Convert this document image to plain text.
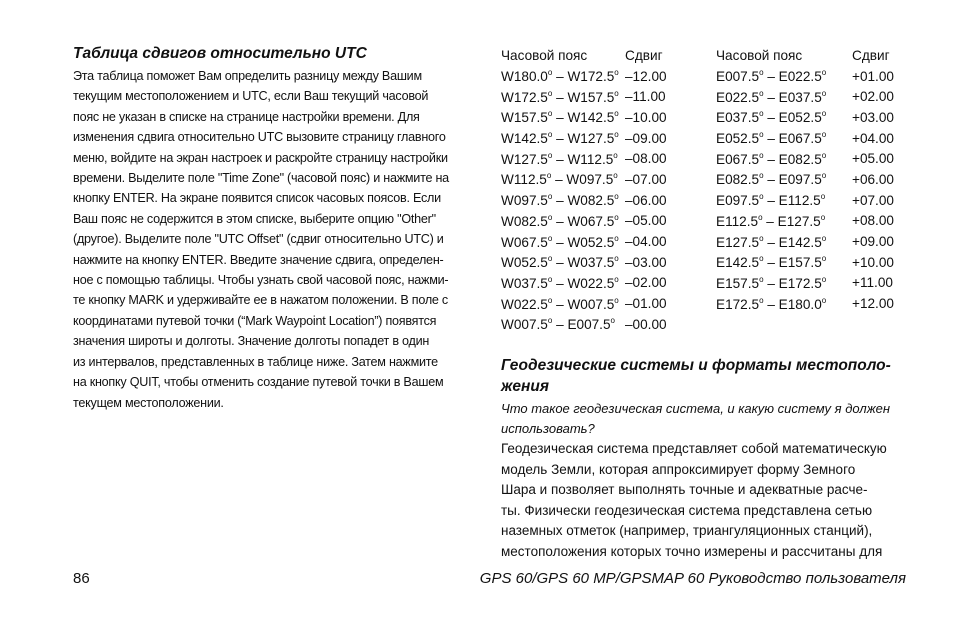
Таблица сдвигов относительно UTC
Эта таблица поможет Вам определить разницу между Вашим
текущим местоположением и UTC, если Ваш текущий часовой
пояс не указан в списке на странице настройки времени. Для
изменения сдвига относительно UTC вызовите страницу главного
меню, войдите на экран настроек и раскройте страницу настройки
времени. Выделите поле "Time Zone" (часовой пояс) и нажмите на
кнопку ENTER. На экране появится список часовых поясов. Если
Ваш пояс не содержится в этом списке, выберите опцию "Other"
(другое). Выделите поле "UTC Offset" (сдвиг относительно UTC) и
нажмите на кнопку ENTER. Введите значение сдвига, определен-
ное с помощью таблицы. Чтобы узнать свой часовой пояс, нажми-
те кнопку MARK и удерживайте ее в нажатом положении. В поле с
координатами путевой точки (“Mark Waypoint Location”) появятся
значения широты и долготы. Значение долготы попадет в один
из интервалов, представленных в таблице ниже. Затем нажмите
на кнопку QUIT, чтобы отменить создание путевой точки в Вашем
текущем местоположении.
Часовой пояс	Сдвиг	Часовой пояс	Сдвиг
W180.0$^o$ – W172.5$^o$	–12.00	$E007.5^o - E022.5^o$	+01.00
W172.5$^o$ – W157.5$^o$	–11.00	$E022.5^o - E037.5^o$	+02.00
W157.5$^o$ – W142.5$^o$	–10.00	$E037.5^o - E052.5^o$	+03.00
W142.5$^o$ – W127.5$^o$	–09.00	$E052.5^o - E067.5^o$	+04.00
W127.5$^o$ – W112.5$^o$	–08.00	$E067.5^o - E082.5^o$	+05.00
W112.5$^o$ – W097.5$^o$	–07.00	$E082.5^o - E097.5^o$	+06.00
W097.5$^o$ – W082.5$^o$	–06.00	$E097.5^o - E112.5^o$	+07.00
W082.5$^o$ – W067.5$^o$	–05.00	$E112.5^o - E127.5^o$	+08.00
W067.5$^o$ – W052.5$^o$	–04.00	$E127.5^o - E142.5^o$	+09.00
W052.5$^o$ – W037.5$^o$	–03.00	$E142.5^o - E157.5^o$	+10.00
W037.5$^o$ – W022.5$^o$	–02.00	$E157.5^o - E172.5^o$	+11.00
W022.5$^o$ – W007.5$^o$	–01.00	$E172.5^o - E180.0^o$	+12.00
W007.5$^o$ – E007.5$^o$	–00.00		
Геодезические системы и форматы местополо-
жения
Что такое геодезическая система, и какую систему я должен
использовать?
Геодезическая система представляет собой математическую
модель Земли, которая аппроксимирует форму Земного
Шара и позволяет выполнять точные и адекватные расче-
ты. Физически геодезическая система представлена сетью
наземных отметок (например, триангуляционных станций),
местоположения которых точно измерены и рассчитаны для
86	GPS 60/GPS 60 MP/GPSMAP 60 Руководство пользователя
